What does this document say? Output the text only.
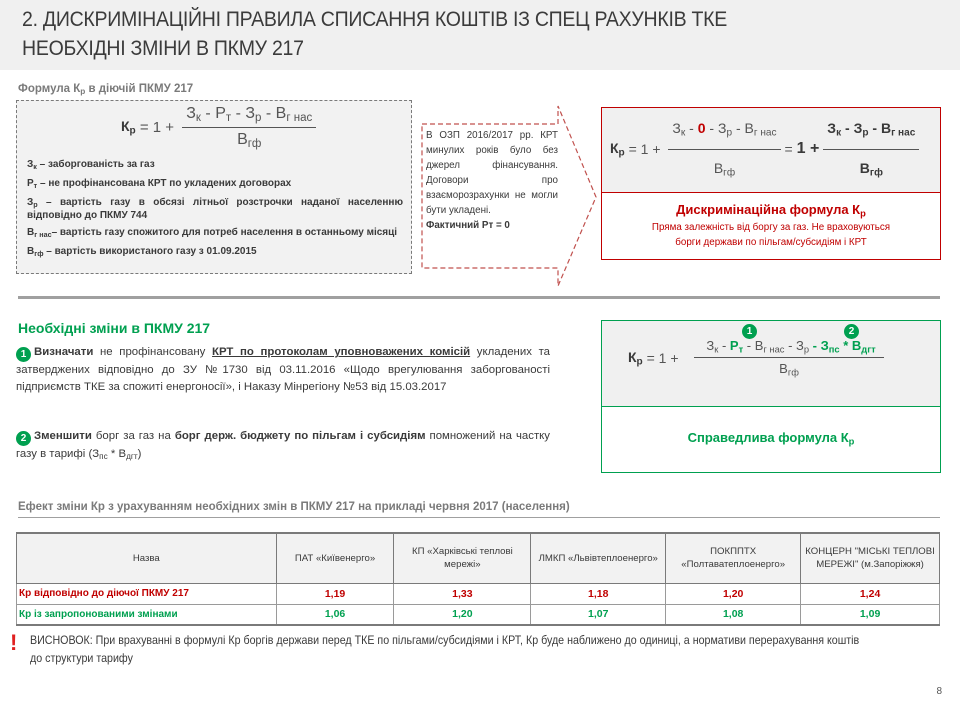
2. ДИСКРИМІНАЦІЙНІ ПРАВИЛА СПИСАННЯ КОШТІВ ІЗ СПЕЦ РАХУНКІВ ТКЕ
НЕОБХІДНІ ЗМІНИ В ПКМУ 217
Формула $К_р$ в діючій ПКМУ 217
$К_р = 1 + \frac{З_к - Р_т - З_р - В_{г нас}}{В_{гф}}$
$З_к$ – заборгованість за газ
$Р_т$ – не профінансована КРТ по укладених договорах
$З_р$ – вартість газу в обсязі літньої розстрочки наданої населенню відповідно до ПКМУ 744
$В_{г нас}-$ вартість газу спожитого для потреб населення в останньому місяці
$В_{гф}$ – вартість використаного газу з 01.09.2015
В ОЗП 2016/2017 рр. КРТ минулих років було без джерел фінансування. Договори про взаєморозрахунки не могли бути укладені.
Фактичний Рт = 0
$К_р = 1 + \frac{З_к - 0 - З_р - В_{г нас}}{В_{гф}} = 1 + \frac{З_к - З_р - В_{г нас}}{В_{гф}}$
Дискримінаційна формула $К_р$
Пряма залежність від боргу за газ. Не враховуються
борги держави по пільгам/субсидіям і КРТ
Необхідні зміни в ПКМУ 217
1 Визначати не профінансовану КРТ по протоколам уповноважених комісій укладених та затверджених відповідно до ЗУ №1730 від 03.11.2016 «Щодо врегулювання заборгованості підприємств ТКЕ за спожиті енергоносії», і Наказу Мінрегіону №53 від 15.03.2017
2 Зменшити борг за газ на борг держ. бюджету по пільгам і субсидіям помножений на частку газу в тарифі $(З_{пс} * В_{дгт})$
1	2
$К_р = 1 + \frac{З_к - Р_т - В_{г нас} - З_р - З_{пс} * В_{дгт}}{В_{гф}}$
Справедлива формула $К_р$
Ефект зміни Кр з урахуванням необхідних змін в ПКМУ 217 на прикладі червня 2017 (населення)
Назва	ПАТ «Київенерго»	КП «Харківські теплові мережі»	ЛМКП «Львівтеплоенерго»	ПОКППТХ «Полтаватеплоенерго»	КОНЦЕРН "МІСЬКІ ТЕПЛОВІ МЕРЕЖІ" (м.Запоріжжя)
Кр відповідно до діючої ПКМУ 217	1,19	1,33	1,18	1,20	1,24
Кр із запропонованими змінами	1,06	1,20	1,07	1,08	1,09
!	ВИСНОВОК: При врахуванні в формулі Кр боргів держави перед ТКЕ по пільгами/субсидіями і КРТ, Кр буде наближено до одиниці, а нормативи перерахування коштів до структури тарифу
8
